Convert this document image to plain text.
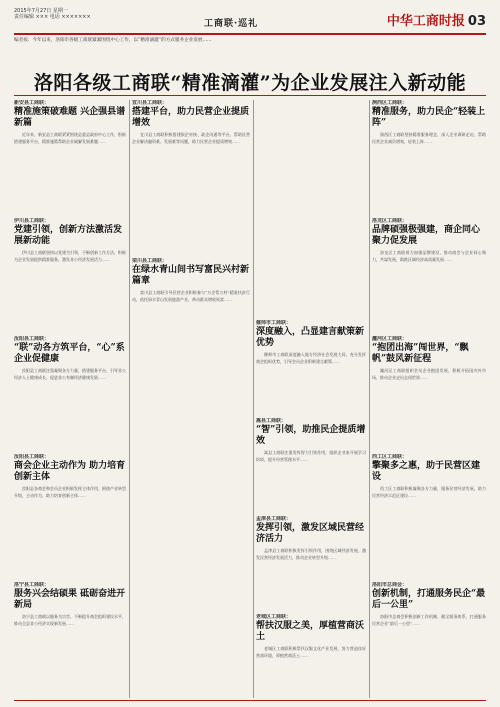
2015年7月27日 星期一
责任编辑 ××× 电话 ×××××××
工商联·巡礼	中华工商时报 03
编者按：今年以来，洛阳市各级工商联紧紧围绕中心工作，以“精准滴灌”的方式服务企业发展……
洛阳各级工商联“精准滴灌”为企业发展注入新动能
新安县工商联：
精准施策破难题 兴企强县谱新篇
近年来，新安县工商联紧紧围绕县委县政府中心工作，积极搭建服务平台，精准施策帮助企业破解发展难题……
伊川县工商联：
党建引领，创新方法激活发展新动能
伊川县工商联坚持以党建为引领，不断创新工作方法，积极为企业发展提供精准服务，激发非公经济发展活力……
汝阳县工商联：
“联”动各方筑平台，“心”系企业促健康
汝阳县工商联注重凝聚各方力量，搭建服务平台，引导非公经济人士健康成长，促进非公有制经济健康发展……
汝阳县工商联：
商会企业主动作为 助力培育创新主体
汝阳县各商会和会员企业积极发挥主体作用，围绕产业转型升级，主动作为，助力培育创新主体……
洛宁县工商联：
服务兴会结硕果 砥砺奋进开新局
洛宁县工商联以服务为宗旨，不断提升商会组织建设水平，推动全县非公经济实现新发展……
宜川县工商联：
搭建平台，助力民营企业提质增效
宜川县工商联积极搭建银企对接、政企沟通等平台，帮助民营企业解决融资难、发展难等问题，助力民营企业提质增效……
栾川县工商联：
在绿水青山间书写富民兴村新篇章
栾川县工商联引导民营企业积极参与“万企帮万村”精准扶贫行动，依托绿水青山发展旅游产业，带动群众增收致富……
偃师市工商联：
深度融入，凸显建言献策新优势
偃师市工商联深度融入地方经济社会发展大局，充分发挥商会组织优势，引导会员企业积极建言献策……
嵩县工商联：
“智”引领，助推民企提质增效
嵩县工商联注重发挥智力引领作用，组织企业家开展学习培训，提升经营管理水平……
孟津县工商联：
发挥引领，激发区域民营经济活力
孟津县工商联积极发挥引领作用，围绕区域经济发展，激发民营经济发展活力，推动企业转型升级……
老城区工商联：
帮扶汉服之美，厚植营商沃土
老城区工商联积极帮扶汉服文化产业发展，努力营造良好营商环境，厚植营商沃土……
涧西区工商联：
精准服务，助力民企“轻装上阵”
涧西区工商联坚持精准服务理念，深入企业调研走访，帮助民营企业减负增效，轻装上阵……
洛龙区工商联：
品牌硕强极强建，商企同心聚力促发展
洛龙区工商联着力加强品牌建设，推动商会与企业同心聚力，共谋发展，助推区域经济高质量发展……
瀍河区工商联：
“抱团出海”闯世界，“飘帆”鼓风新征程
瀍河区工商联组织会员企业抱团发展，积极开拓国内外市场，推动企业走出去闯世界……
西工区工商联：
擎聚多之惠，助于民营区建设
西工区工商联积极凝聚各方力量，服务民营经济发展，助力民营经济示范区建设……
洛阳市总商会：
创新机制，打通服务民企“最后一公里”
洛阳市总商会积极创新工作机制，健全服务体系，打通服务民营企业“最后一公里”……
